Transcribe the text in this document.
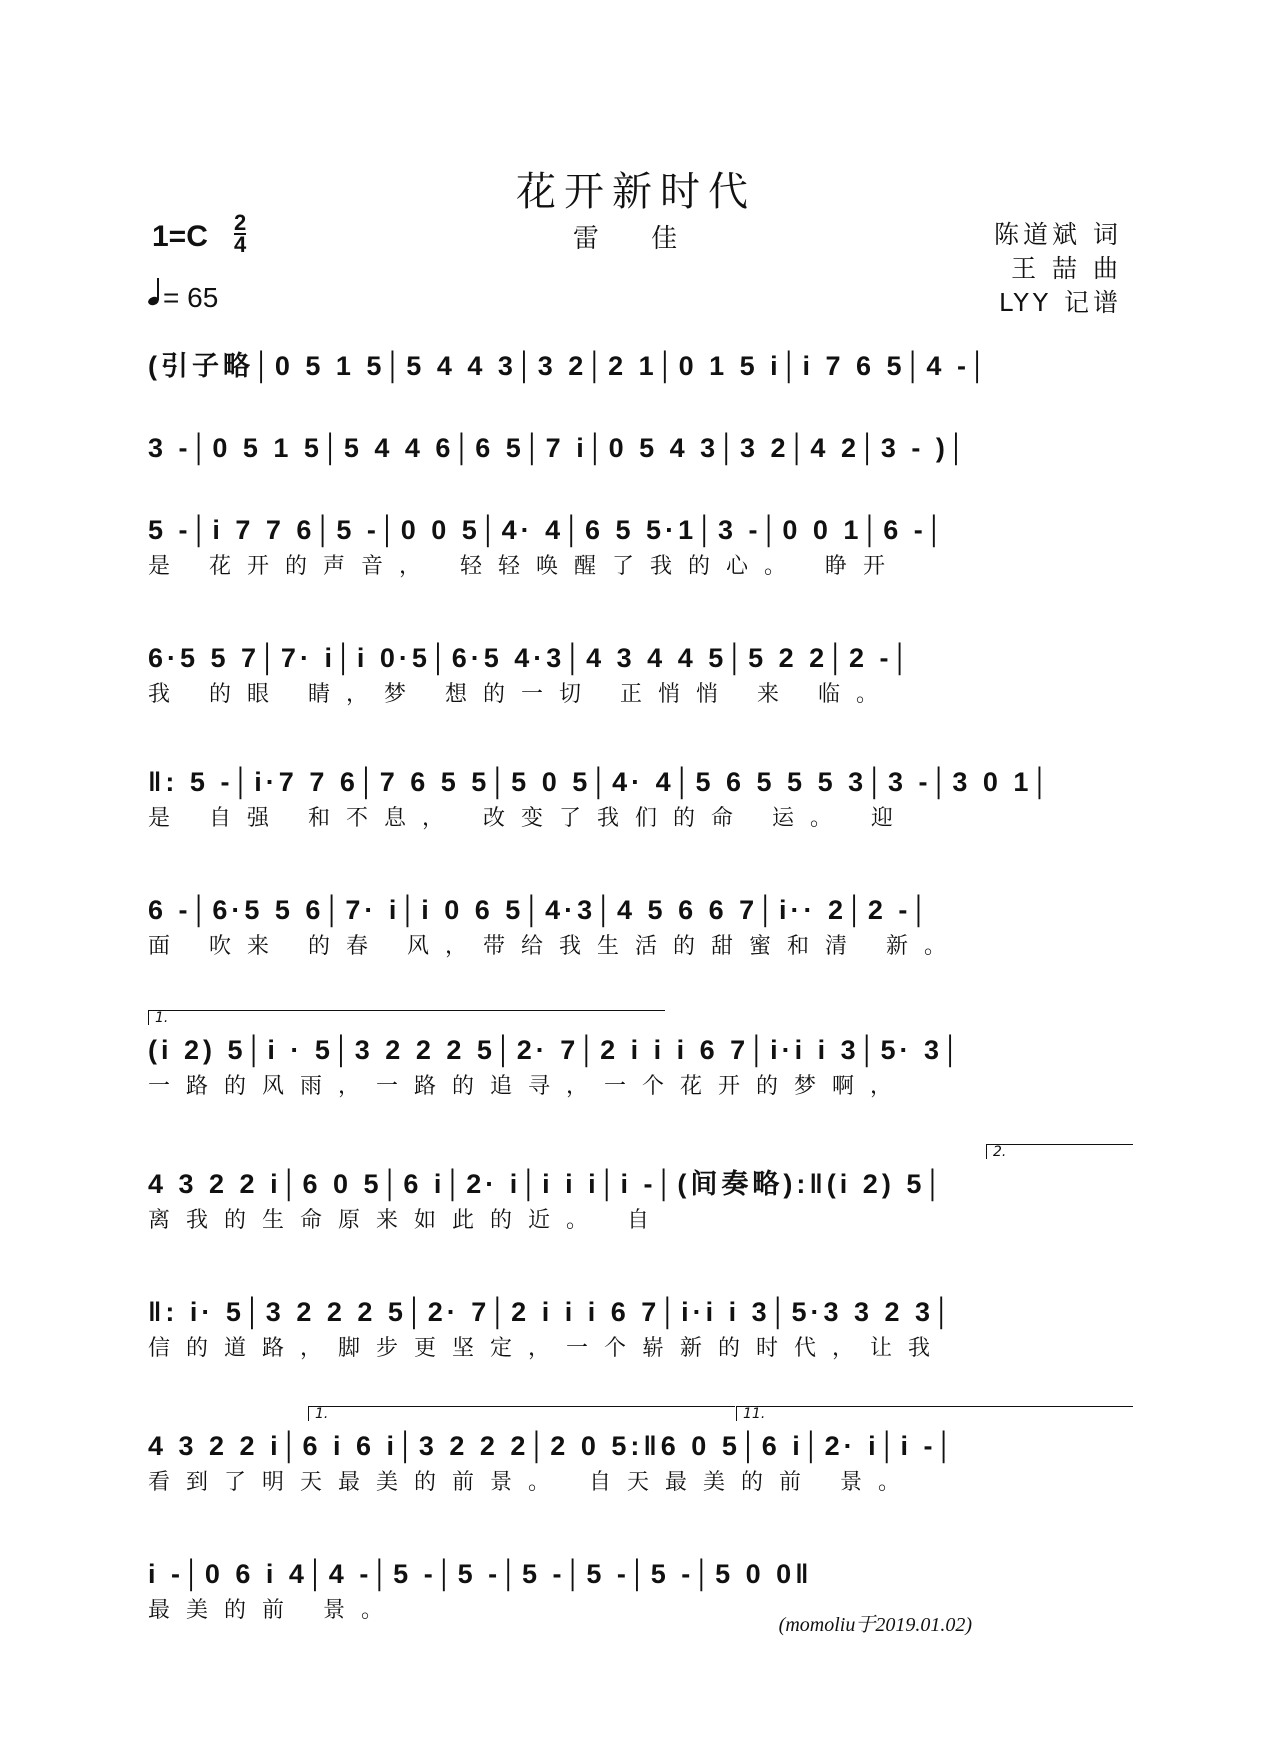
花开新时代
雷 佳
1=C 2
4
= 65
陈道斌 词
王 喆 曲
LYY 记谱
(引子略│0 5 1 5│5 4 4 3│3 2│2 1│0 1 5 i│i 7 6 5│4 -│
3 -│0 5 1 5│5 4 4 6│6 5│7 i│0 5 4 3│3 2│4 2│3 - )│
5 -│i 7 7 6│5 -│0 0 5│4· 4│6 5 5·1│3 -│0 0 1│6 -│
是 花开的声音， 轻轻唤醒了我的心。 睁开
6·5 5 7│7· i│i 0·5│6·5 4·3│4 3 4 4 5│5 2 2│2 -│
我 的眼 睛，梦 想的一切 正悄悄 来 临。
‖: 5 -│i·7 7 6│7 6 5 5│5 0 5│4· 4│5 6 5 5 5 3│3 -│3 0 1│
是 自强 和不息， 改变了我们的命 运。 迎
6 -│6·5 5 6│7· i│i 0 6 5│4·3│4 5 6 6 7│i·· 2│2 -│
面 吹来 的春 风，带给我生活的甜蜜和清 新。
1.
(i 2) 5│i · 5│3 2 2 2 5│2· 7│2 i i i 6 7│i·i i 3│5· 3│
一路的风雨，一路的追寻，一个花开的梦啊，
2.
4 3 2 2 i│6 0 5│6 i│2· i│i i i│i -│(间奏略):‖(i 2) 5│
离我的生命原来如此的近。 自
‖: i· 5│3 2 2 2 5│2· 7│2 i i i 6 7│i·i i 3│5·3 3 2 3│
信的道路，脚步更坚定，一个崭新的时代，让我
1.	11.
4 3 2 2 i│6 i 6 i│3 2 2 2│2 0 5:‖6 0 5│6 i│2· i│i -│
看到了明天最美的前景。 自天最美的前 景。
i -│0 6 i 4│4 -│5 -│5 -│5 -│5 -│5 -│5 0 0‖
最美的前 景。
(momoliu于2019.01.02)
